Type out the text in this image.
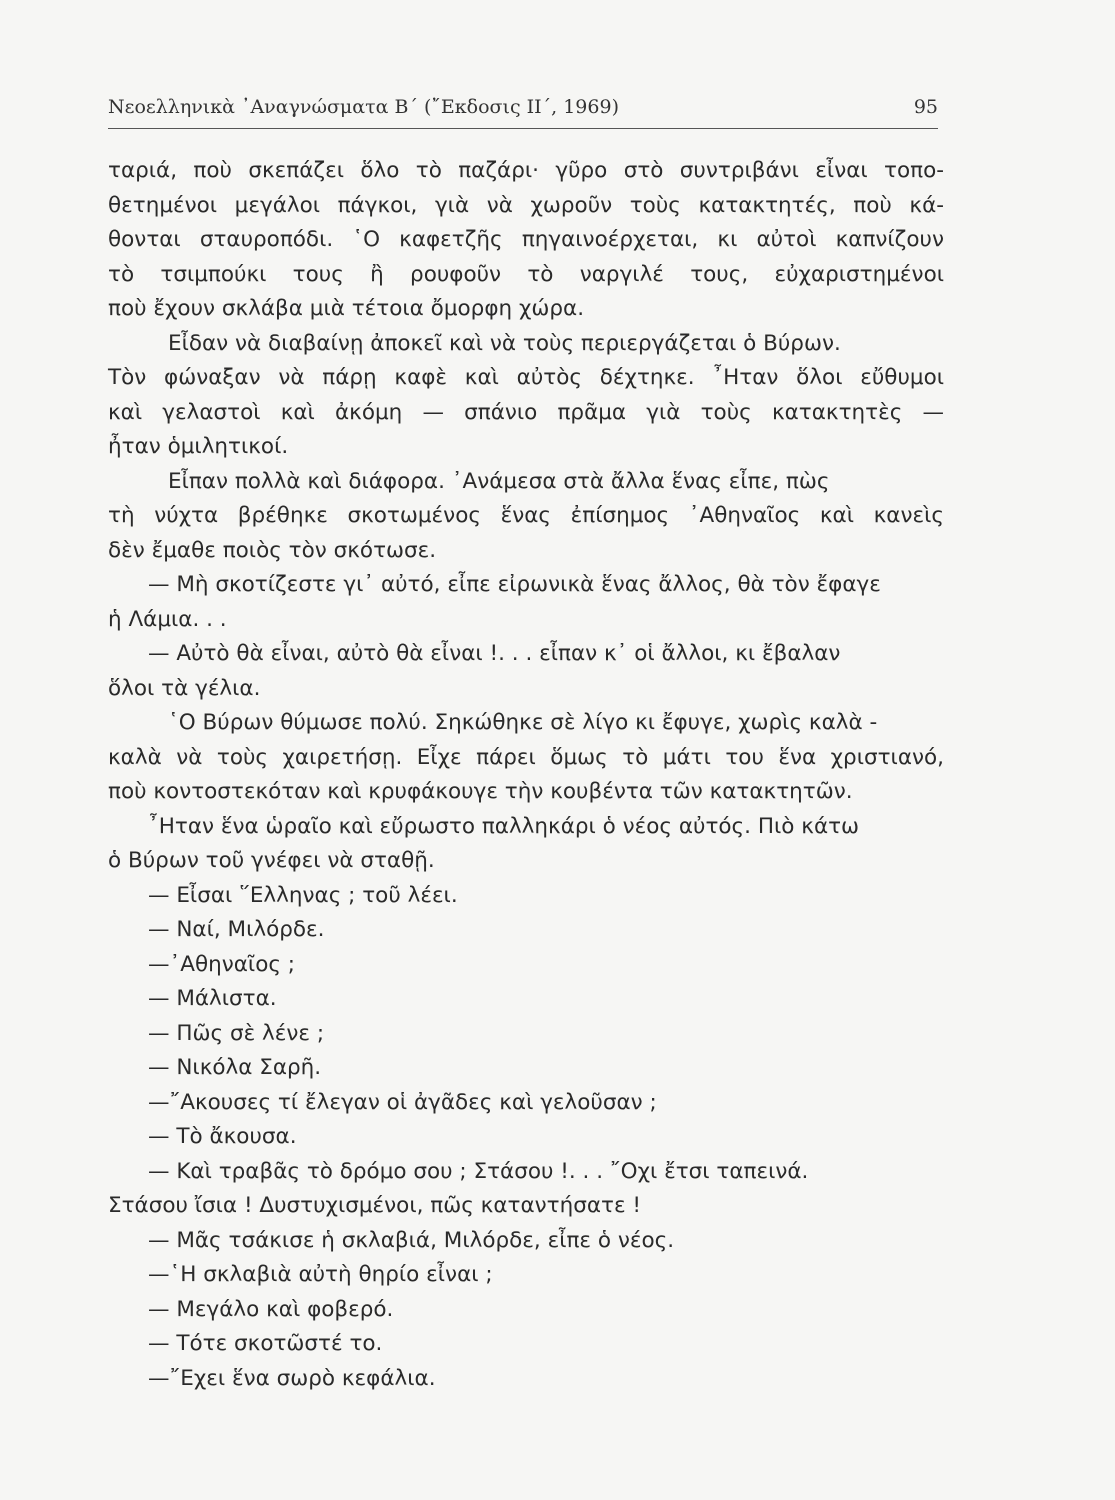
Νεοελληνικὰ ᾽Αναγνώσματα Β΄ (῎Εκδοσις ΙΙ΄, 1969)	95
ταριά, ποὺ σκεπάζει ὅλο τὸ παζάρι· γῦρο στὸ συντριβάνι εἶναι τοπο-
θετημένοι μεγάλοι πάγκοι, γιὰ νὰ χωροῦν τοὺς κατακτητές, ποὺ κά-
θονται σταυροπόδι. ῾Ο καφετζῆς πηγαινοέρχεται, κι αὐτοὶ καπνίζουν
τὸ τσιμπούκι τους ἢ ρουφοῦν τὸ ναργιλέ τους, εὐχαριστημένοι
ποὺ ἔχουν σκλάβα μιὰ τέτοια ὄμορφη χώρα.
Εἶδαν νὰ διαβαίνῃ ἀποκεῖ καὶ νὰ τοὺς περιεργάζεται ὁ Βύρων.
Τὸν φώναξαν νὰ πάρῃ καφὲ καὶ αὐτὸς δέχτηκε. ῏Ηταν ὅλοι εὔθυμοι
καὶ γελαστοὶ καὶ ἀκόμη — σπάνιο πρᾶμα γιὰ τοὺς κατακτητὲς —
ἦταν ὁμιλητικοί.
Εἶπαν πολλὰ καὶ διάφορα. ᾽Ανάμεσα στὰ ἄλλα ἕνας εἶπε, πὼς
τὴ νύχτα βρέθηκε σκοτωμένος ἕνας ἐπίσημος ᾽Αθηναῖος καὶ κανεὶς
δὲν ἔμαθε ποιὸς τὸν σκότωσε.
— Μὴ σκοτίζεστε γι᾽ αὐτό, εἶπε εἰρωνικὰ ἕνας ἄλλος, θὰ τὸν ἔφαγε
ἡ Λάμια. . .
— Αὐτὸ θὰ εἶναι, αὐτὸ θὰ εἶναι !. . . εἶπαν κ᾽ οἱ ἄλλοι, κι ἔβαλαν
ὅλοι τὰ γέλια.
῾Ο Βύρων θύμωσε πολύ. Σηκώθηκε σὲ λίγο κι ἔφυγε, χωρὶς καλὰ -
καλὰ νὰ τοὺς χαιρετήσῃ. Εἶχε πάρει ὅμως τὸ μάτι του ἕνα χριστιανό,
ποὺ κοντοστεκόταν καὶ κρυφάκουγε τὴν κουβέντα τῶν κατακτητῶν.
῏Ηταν ἕνα ὡραῖο καὶ εὔρωστο παλληκάρι ὁ νέος αὐτός. Πιὸ κάτω
ὁ Βύρων τοῦ γνέφει νὰ σταθῇ.
— Εἶσαι ῞Ελληνας ; τοῦ λέει.
— Ναί, Μιλόρδε.
—᾽Αθηναῖος ;
— Μάλιστα.
— Πῶς σὲ λένε ;
— Νικόλα Σαρῆ.
—῎Ακουσες τί ἔλεγαν οἱ ἀγᾶδες καὶ γελοῦσαν ;
— Τὸ ἄκουσα.
— Καὶ τραβᾶς τὸ δρόμο σου ; Στάσου !. . . ῎Οχι ἔτσι ταπεινά.
Στάσου ἴσια ! Δυστυχισμένοι, πῶς καταντήσατε !
— Μᾶς τσάκισε ἡ σκλαβιά, Μιλόρδε, εἶπε ὁ νέος.
—῾Η σκλαβιὰ αὐτὴ θηρίο εἶναι ;
— Μεγάλο καὶ φοβερό.
— Τότε σκοτῶστέ το.
—῎Εχει ἕνα σωρὸ κεφάλια.
